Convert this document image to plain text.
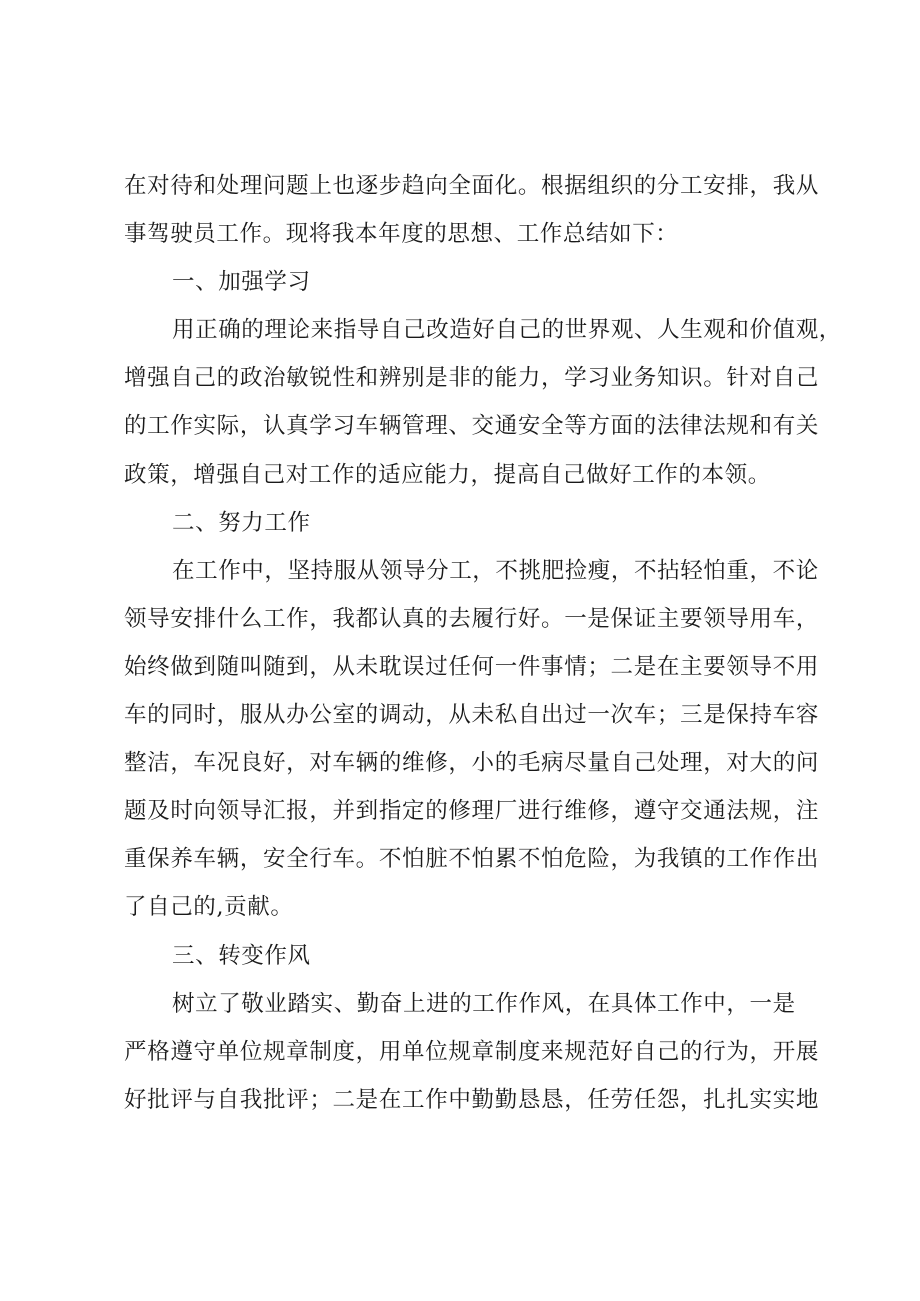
在对待和处理问题上也逐步趋向全面化。根据组织的分工安排，我从
事驾驶员工作。现将我本年度的思想、工作总结如下：
一、加强学习
用正确的理论来指导自己改造好自己的世界观、人生观和价值观，
增强自己的政治敏锐性和辨别是非的能力，学习业务知识。针对自己
的工作实际，认真学习车辆管理、交通安全等方面的法律法规和有关
政策，增强自己对工作的适应能力，提高自己做好工作的本领。
二、努力工作
在工作中，坚持服从领导分工，不挑肥捡瘦，不拈轻怕重，不论
领导安排什么工作，我都认真的去履行好。一是保证主要领导用车，
始终做到随叫随到，从未耽误过任何一件事情；二是在主要领导不用
车的同时，服从办公室的调动，从未私自出过一次车；三是保持车容
整洁，车况良好，对车辆的维修，小的毛病尽量自己处理，对大的问
题及时向领导汇报，并到指定的修理厂进行维修，遵守交通法规，注
重保养车辆，安全行车。不怕脏不怕累不怕危险，为我镇的工作作出
了自己的,贡献。
三、转变作风
树立了敬业踏实、勤奋上进的工作作风，在具体工作中，一是
严格遵守单位规章制度，用单位规章制度来规范好自己的行为，开展
好批评与自我批评；二是在工作中勤勤恳恳，任劳任怨，扎扎实实地
